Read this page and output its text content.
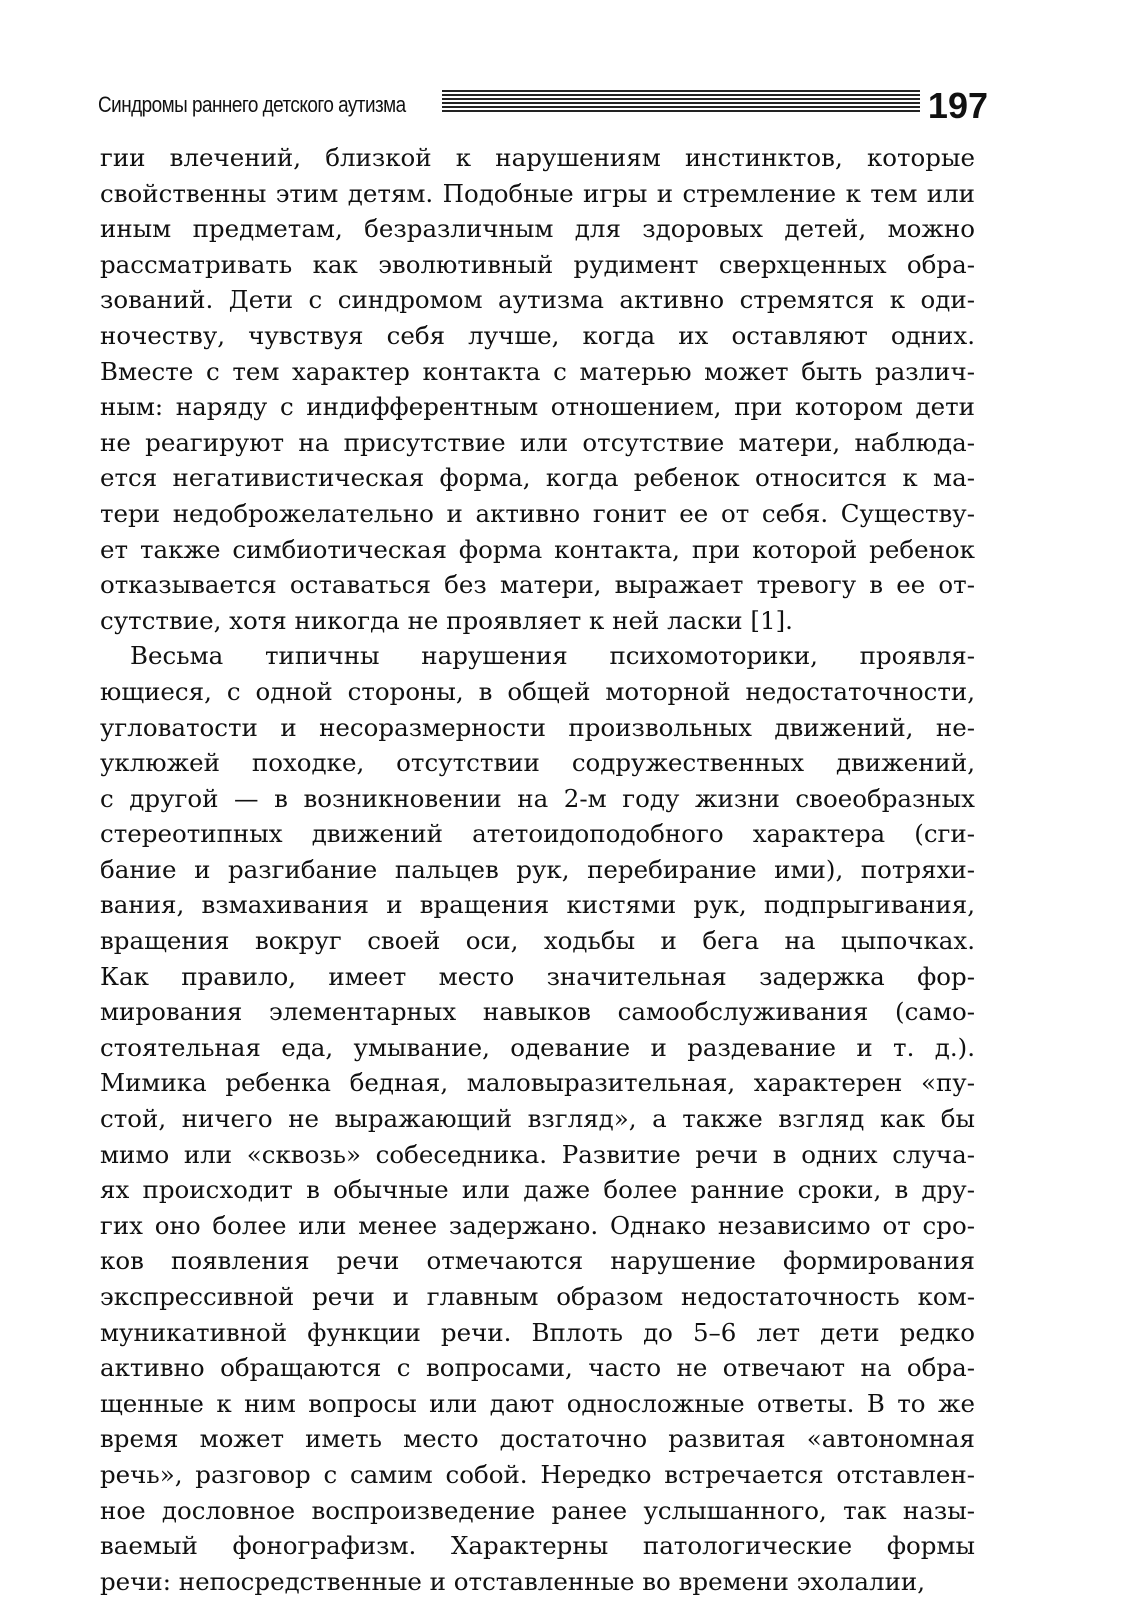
Синдромы раннего детского аутизма	197
гии влечений, близкой к нарушениям инстинктов, которые
свойственны этим детям. Подобные игры и стремление к тем или
иным предметам, безразличным для здоровых детей, можно
рассматривать как эволютивный рудимент сверхценных обра-
зований. Дети с синдромом аутизма активно стремятся к оди-
ночеству, чувствуя себя лучше, когда их оставляют одних.
Вместе с тем характер контакта с матерью может быть различ-
ным: наряду с индифферентным отношением, при котором дети
не реагируют на присутствие или отсутствие матери, наблюда-
ется негативистическая форма, когда ребенок относится к ма-
тери недоброжелательно и активно гонит ее от себя. Существу-
ет также симбиотическая форма контакта, при которой ребенок
отказывается оставаться без матери, выражает тревогу в ее от-
сутствие, хотя никогда не проявляет к ней ласки [1].
Весьма типичны нарушения психомоторики, проявля-
ющиеся, с одной стороны, в общей моторной недостаточности,
угловатости и несоразмерности произвольных движений, не-
уклюжей походке, отсутствии содружественных движений,
с другой — в возникновении на 2-м году жизни своеобразных
стереотипных движений атетоидоподобного характера (сги-
бание и разгибание пальцев рук, перебирание ими), потряхи-
вания, взмахивания и вращения кистями рук, подпрыгивания,
вращения вокруг своей оси, ходьбы и бега на цыпочках.
Как правило, имеет место значительная задержка фор-
мирования элементарных навыков самообслуживания (само-
стоятельная еда, умывание, одевание и раздевание и т. д.).
Мимика ребенка бедная, маловыразительная, характерен «пу-
стой, ничего не выражающий взгляд», а также взгляд как бы
мимо или «сквозь» собеседника. Развитие речи в одних случа-
ях происходит в обычные или даже более ранние сроки, в дру-
гих оно более или менее задержано. Однако независимо от сро-
ков появления речи отмечаются нарушение формирования
экспрессивной речи и главным образом недостаточность ком-
муникативной функции речи. Вплоть до 5–6 лет дети редко
активно обращаются с вопросами, часто не отвечают на обра-
щенные к ним вопросы или дают односложные ответы. В то же
время может иметь место достаточно развитая «автономная
речь», разговор с самим собой. Нередко встречается отставлен-
ное дословное воспроизведение ранее услышанного, так назы-
ваемый фонографизм. Характерны патологические формы
речи: непосредственные и отставленные во времени эхолалии,
